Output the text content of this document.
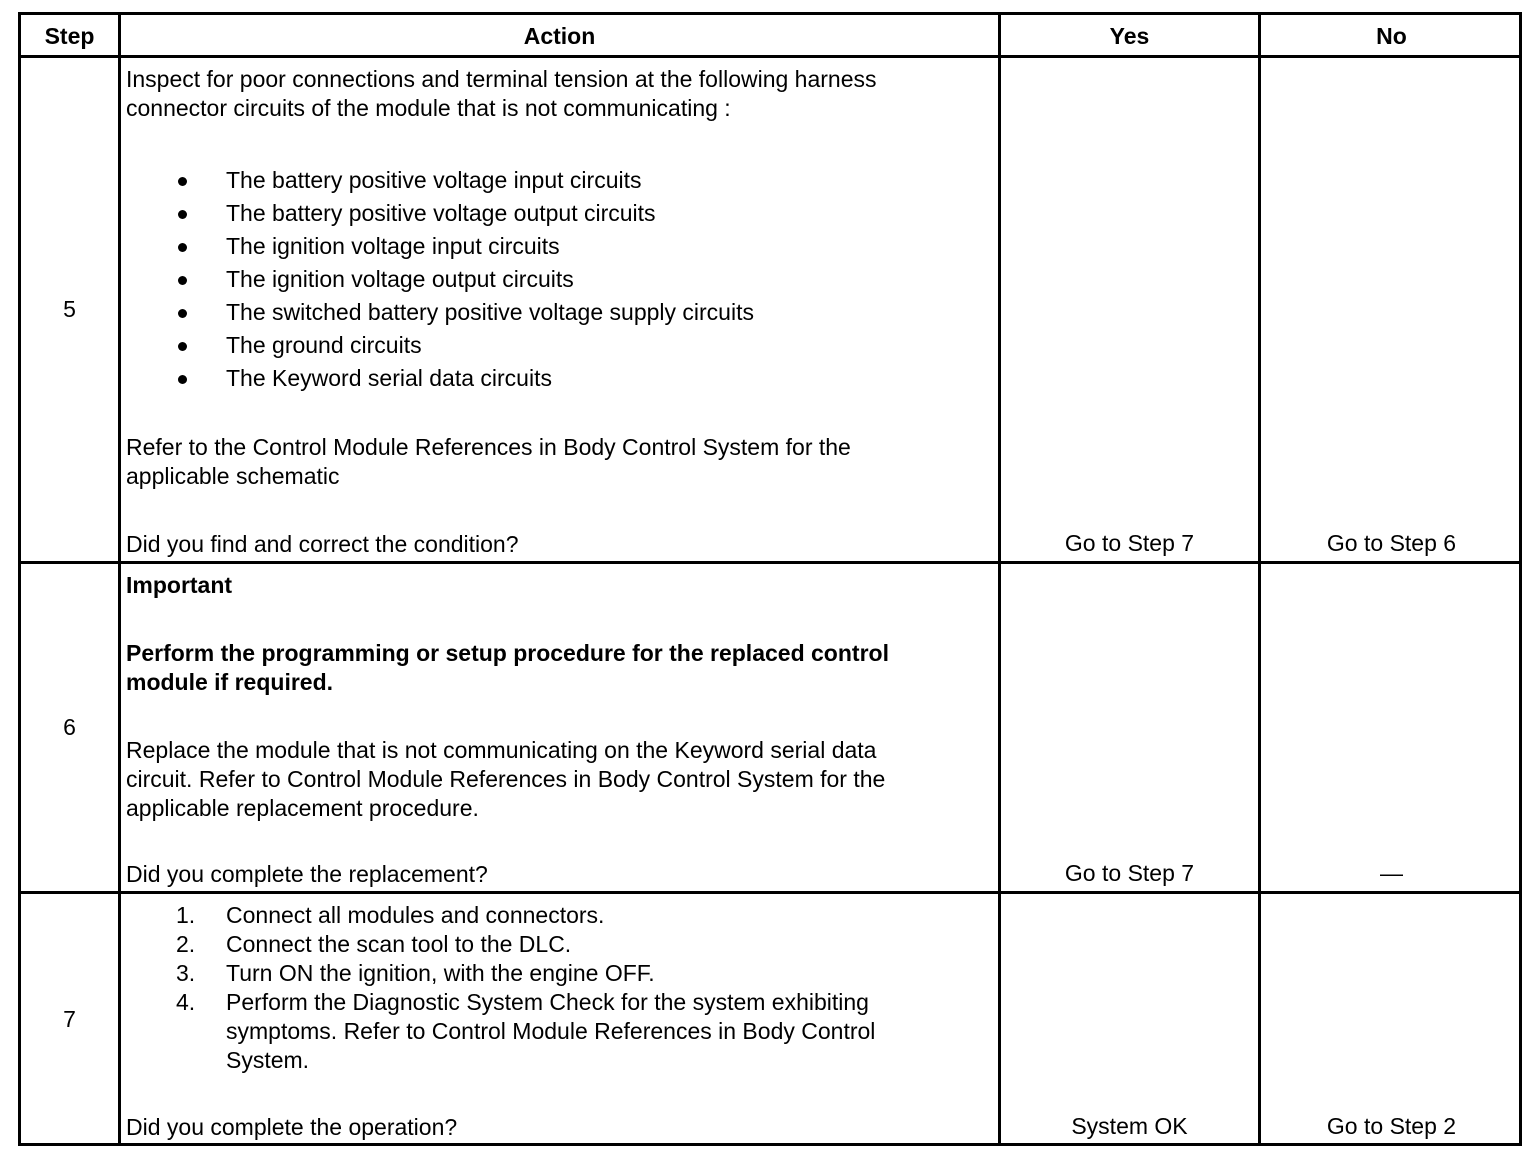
Step	Action	Yes	No
5
Inspect for poor connections and terminal tension at the following harness
connector circuits of the module that is not communicating :
The battery positive voltage input circuits
The battery positive voltage output circuits
The ignition voltage input circuits
The ignition voltage output circuits
The switched battery positive voltage supply circuits
The ground circuits
The Keyword serial data circuits
Refer to the Control Module References in Body Control System for the
applicable schematic
Did you find and correct the condition?	Go to Step 7	Go to Step 6
6
Important
Perform the programming or setup procedure for the replaced control
module if required.
Replace the module that is not communicating on the Keyword serial data
circuit. Refer to Control Module References in Body Control System for the
applicable replacement procedure.
Did you complete the replacement?	Go to Step 7	—
7
1. Connect all modules and connectors.
2. Connect the scan tool to the DLC.
3. Turn ON the ignition, with the engine OFF.
4. Perform the Diagnostic System Check for the system exhibiting
symptoms. Refer to Control Module References in Body Control
System.
Did you complete the operation?	System OK	Go to Step 2
